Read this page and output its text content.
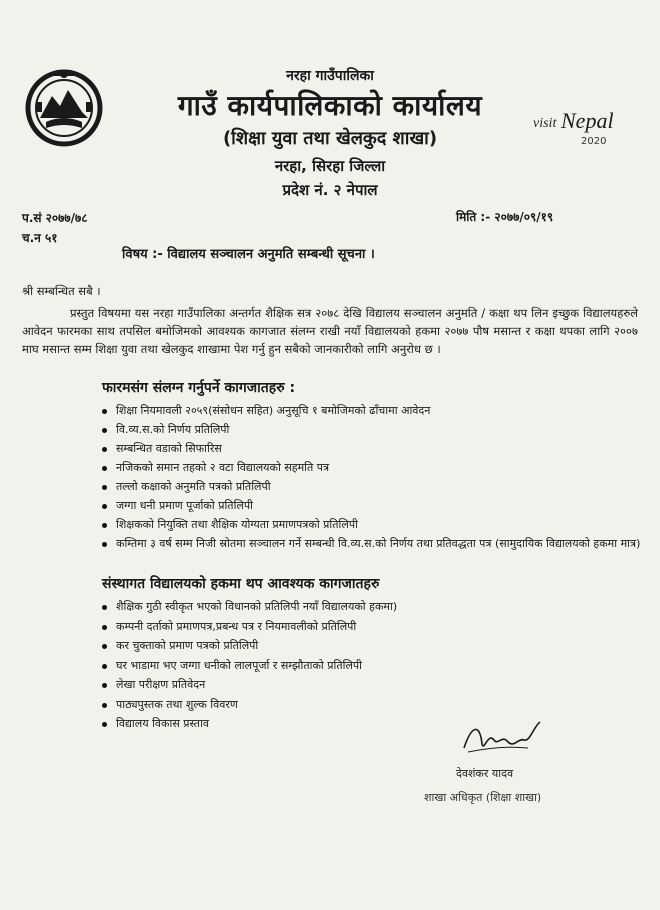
visit Nepal
2020
नरहा गाउँपालिका
गाउँ कार्यपालिकाको कार्यालय
(शिक्षा युवा तथा खेलकुद शाखा)
नरहा, सिरहा जिल्ला
प्रदेश नं. २ नेपाल
प.सं २०७७/७८
च.न ५१
मिति :- २०७७/०९/१९
विषय :- विद्यालय सञ्चालन अनुमति सम्बन्धी सूचना ।
श्री सम्बन्धित सबै ।
प्रस्तुत विषयमा यस नरहा गाउँपालिका अन्तर्गत शैक्षिक सत्र २०७८ देखि विद्यालय सञ्चालन अनुमति / कक्षा थप लिन इच्छुक विद्यालयहरुले आवेदन फारमका साथ तपसिल बमोजिमको आवश्यक कागजात संलग्न राखी नयाँ विद्यालयको हकमा २०७७ पौष मसान्त र कक्षा थपका लागि २००७ माघ मसान्त सम्म शिक्षा युवा तथा खेलकुद शाखामा पेश गर्नु हुन सबैको जानकारीको लागि अनुरोध छ ।
फारमसंग संलग्न गर्नुपर्ने कागजातहरु :
शिक्षा नियमावली २०५९(संसोधन सहित) अनुसूचि १ बमोजिमको ढाँचामा आवेदन
वि.व्य.स.को निर्णय प्रतिलिपी
सम्बन्धित वडाको सिफारिस
नजिकको समान तहको २ वटा विद्यालयको सहमति पत्र
तल्लो कक्षाको अनुमति पत्रको प्रतिलिपी
जग्गा धनी प्रमाण पूर्जाको प्रतिलिपी
शिक्षकको नियुक्ति तथा शैक्षिक योग्यता प्रमाणपत्रको प्रतिलिपी
कम्तिमा ३ वर्ष सम्म निजी स्रोतमा सञ्चालन गर्ने सम्बन्धी वि.व्य.स.को निर्णय तथा प्रतिवद्धता पत्र (सामुदायिक विद्यालयको हकमा मात्र)
संस्थागत विद्यालयको हकमा थप आवश्यक कागजातहरु
शैक्षिक गुठी स्वीकृत भएको विधानको प्रतिलिपी नयाँ विद्यालयको हकमा)
कम्पनी दर्ताको प्रमाणपत्र,प्रबन्ध पत्र र नियमावलीको प्रतिलिपी
कर चुक्ताको प्रमाण पत्रको प्रतिलिपी
घर भाडामा भए जग्गा धनीको लालपूर्जा र सम्झौताको प्रतिलिपी
लेखा परीक्षण प्रतिवेदन
पाठ्यपुस्तक तथा शुल्क विवरण
विद्यालय विकास प्रस्ताव
देवशंकर यादव
शाखा अधिकृत (शिक्षा शाखा)
